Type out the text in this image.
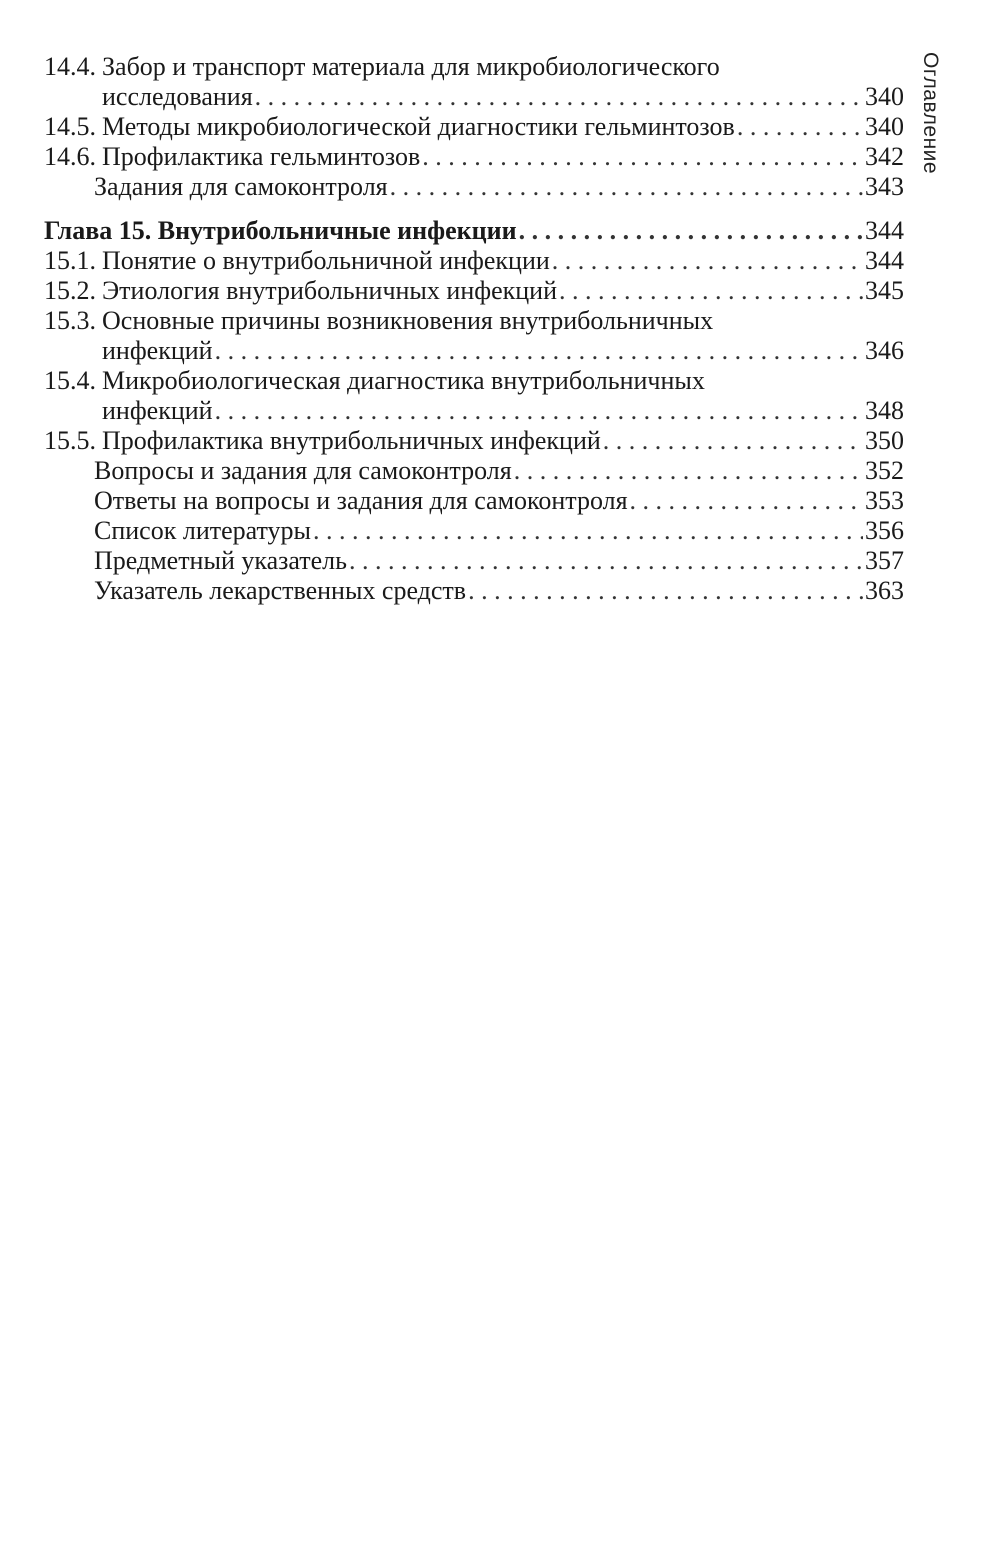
Оглавление
14.4. Забор и транспорт материала для микробиологического
исследования . . .	340
14.5. Методы микробиологической диагностики гельминтозов . . .	340
14.6. Профилактика гельминтозов . . .	342
Задания для самоконтроля . . .	343
Глава 15. Внутрибольничные инфекции . . .	344
15.1. Понятие о внутрибольничной инфекции . . .	344
15.2. Этиология внутрибольничных инфекций . . .	345
15.3. Основные причины возникновения внутрибольничных
инфекций . . .	346
15.4. Микробиологическая диагностика внутрибольничных
инфекций . . .	348
15.5. Профилактика внутрибольничных инфекций . . .	350
Вопросы и задания для самоконтроля . . .	352
Ответы на вопросы и задания для самоконтроля . . .	353
Список литературы . . .	356
Предметный указатель . . .	357
Указатель лекарственных средств . . .	363
